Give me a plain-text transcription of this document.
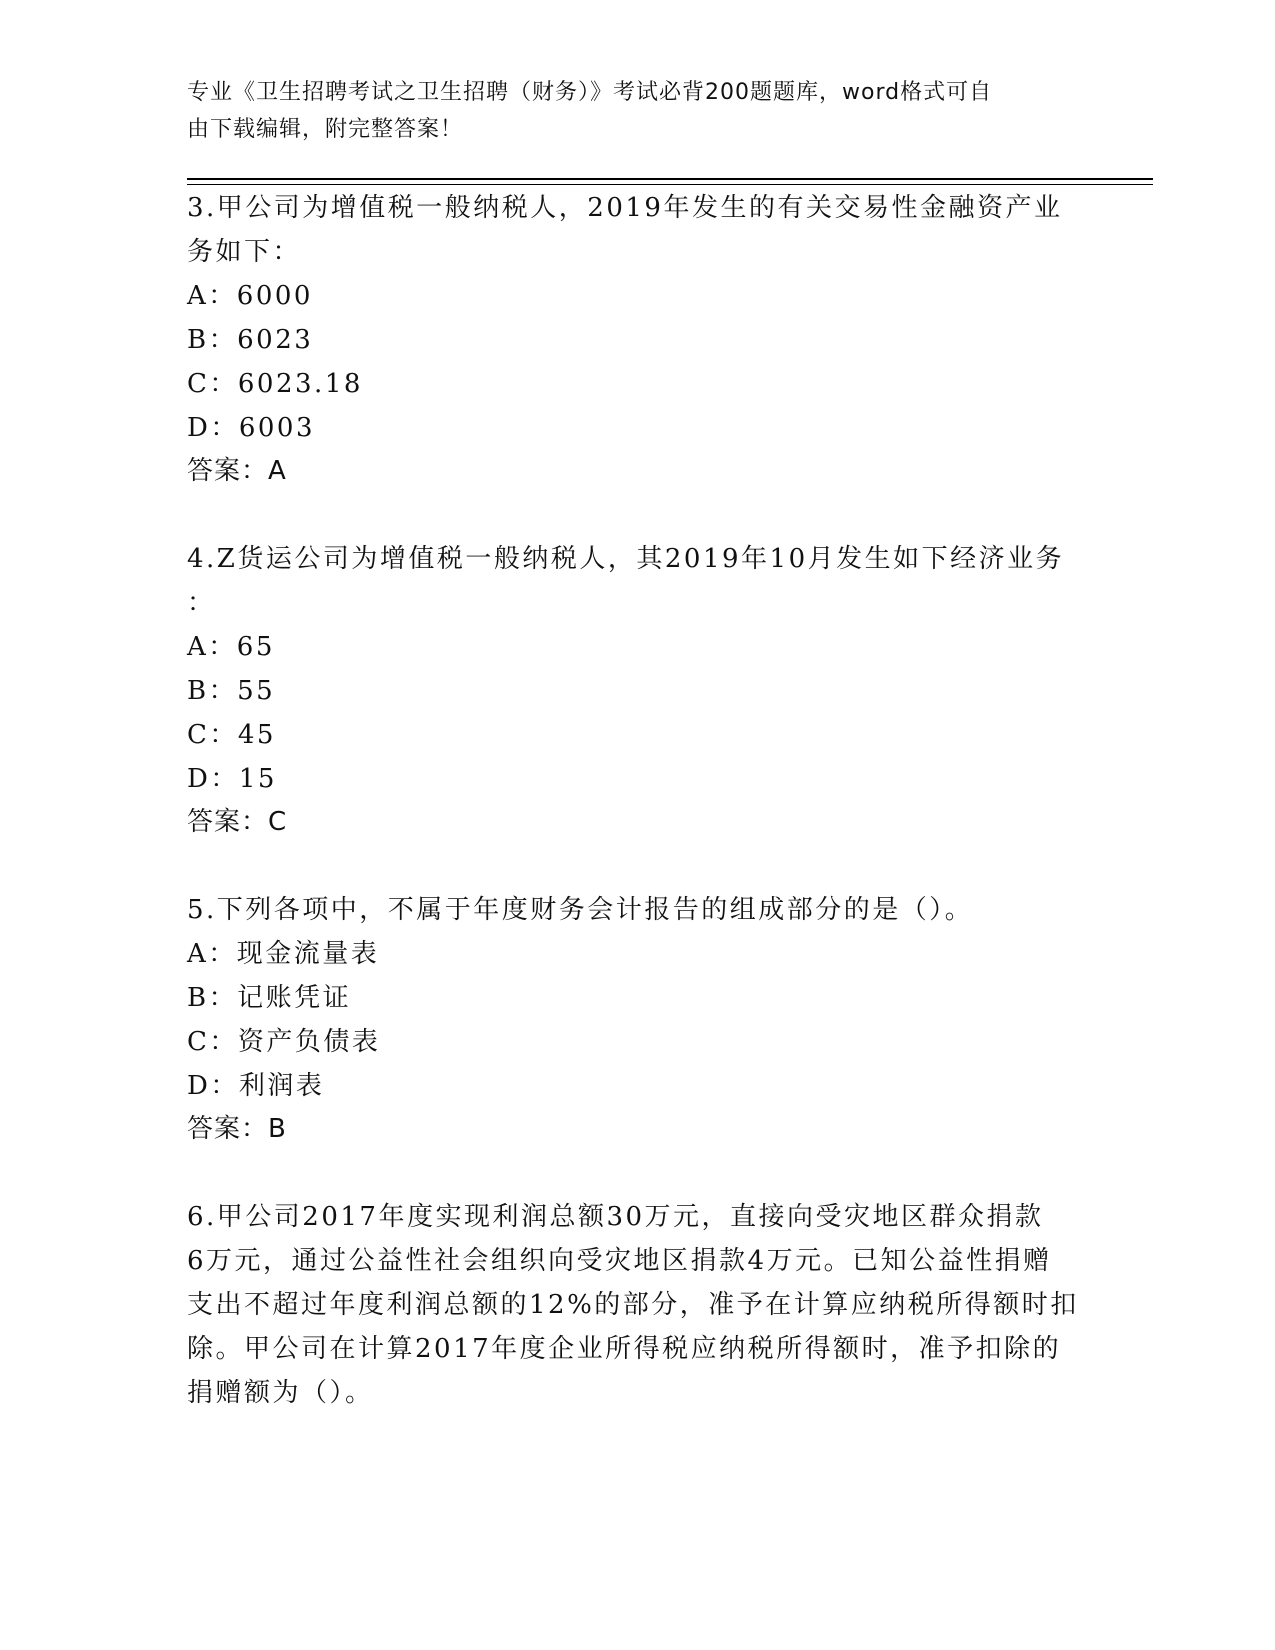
专业《卫生招聘考试之卫生招聘（财务）》考试必背200题题库，word格式可自
由下载编辑，附完整答案！
3.甲公司为增值税一般纳税人，2019年发生的有关交易性金融资产业
务如下：
A：6000
B：6023
C：6023.18
D：6003
答案：A
4.Z货运公司为增值税一般纳税人，其2019年10月发生如下经济业务
：
A：65
B：55
C：45
D：15
答案：C
5.下列各项中，不属于年度财务会计报告的组成部分的是（）。
A：现金流量表
B：记账凭证
C：资产负债表
D：利润表
答案：B
6.甲公司2017年度实现利润总额30万元，直接向受灾地区群众捐款
6万元，通过公益性社会组织向受灾地区捐款4万元。已知公益性捐赠
支出不超过年度利润总额的12%的部分，准予在计算应纳税所得额时扣
除。甲公司在计算2017年度企业所得税应纳税所得额时，准予扣除的
捐赠额为（）。
